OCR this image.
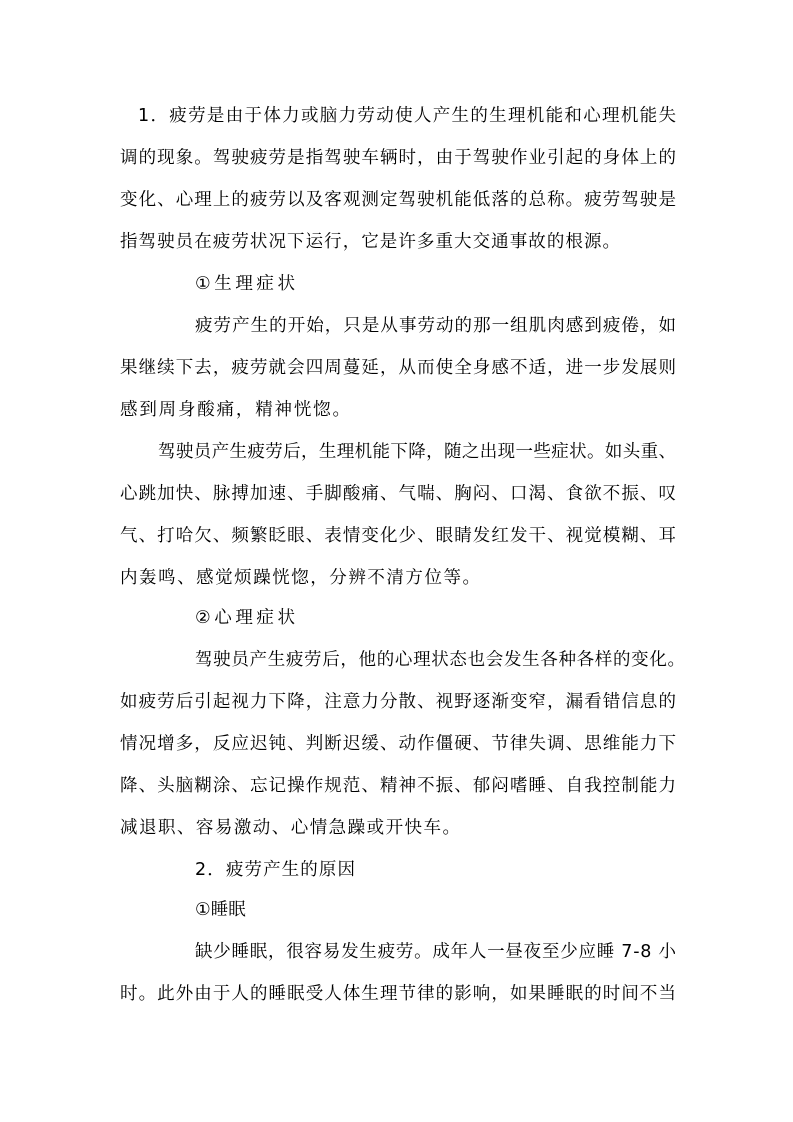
1．疲劳是由于体力或脑力劳动使人产生的生理机能和心理机能失
调的现象。驾驶疲劳是指驾驶车辆时，由于驾驶作业引起的身体上的
变化、心理上的疲劳以及客观测定驾驶机能低落的总称。疲劳驾驶是
指驾驶员在疲劳状况下运行，它是许多重大交通事故的根源。
①生理症状
疲劳产生的开始，只是从事劳动的那一组肌肉感到疲倦，如
果继续下去，疲劳就会四周蔓延，从而使全身感不适，进一步发展则
感到周身酸痛，精神恍惚。
驾驶员产生疲劳后，生理机能下降，随之出现一些症状。如头重、
心跳加快、脉搏加速、手脚酸痛、气喘、胸闷、口渴、食欲不振、叹
气、打哈欠、频繁眨眼、表情变化少、眼睛发红发干、视觉模糊、耳
内轰鸣、感觉烦躁恍惚，分辨不清方位等。
②心理症状
驾驶员产生疲劳后，他的心理状态也会发生各种各样的变化。
如疲劳后引起视力下降，注意力分散、视野逐渐变窄，漏看错信息的
情况增多，反应迟钝、判断迟缓、动作僵硬、节律失调、思维能力下
降、头脑糊涂、忘记操作规范、精神不振、郁闷嗜睡、自我控制能力
减退职、容易激动、心情急躁或开快车。
2．疲劳产生的原因
①睡眠
缺少睡眠，很容易发生疲劳。成年人一昼夜至少应睡 7-8 小
时。此外由于人的睡眠受人体生理节律的影响，如果睡眠的时间不当
